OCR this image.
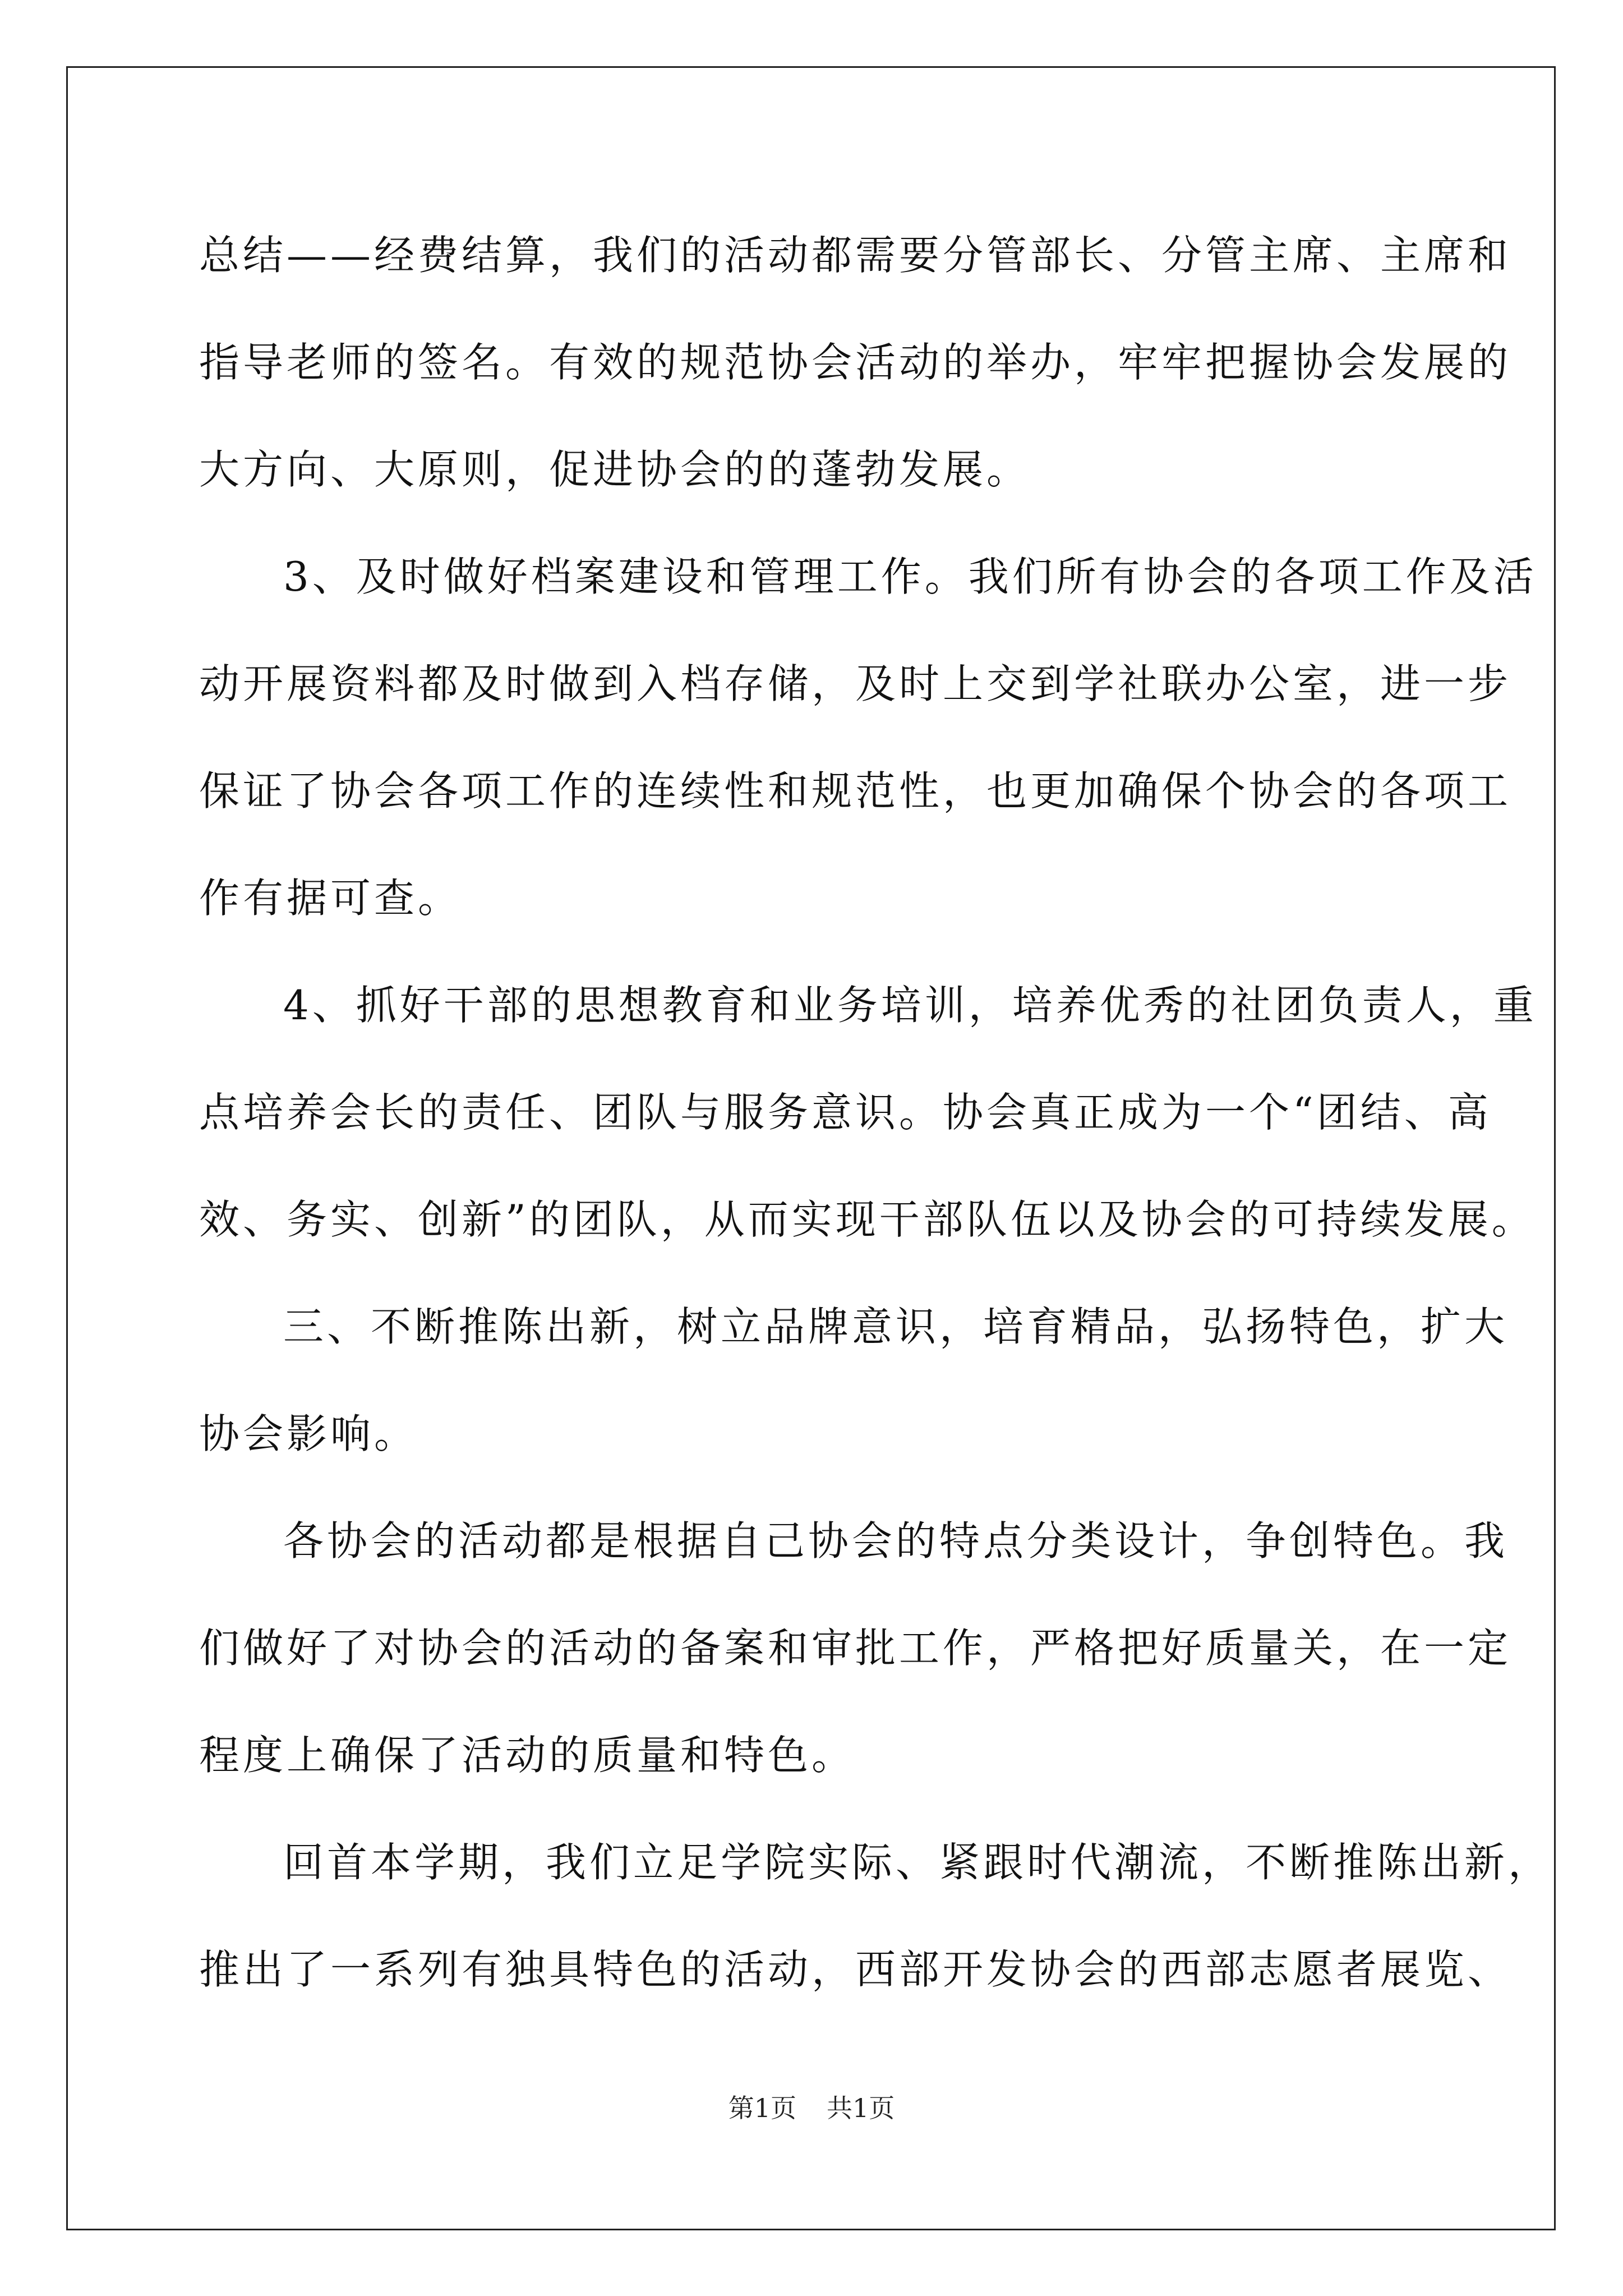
总结——经费结算，我们的活动都需要分管部长、分管主席、主席和
指导老师的签名。有效的规范协会活动的举办，牢牢把握协会发展的
大方向、大原则，促进协会的的蓬勃发展。
3、及时做好档案建设和管理工作。我们所有协会的各项工作及活
动开展资料都及时做到入档存储，及时上交到学社联办公室，进一步
保证了协会各项工作的连续性和规范性，也更加确保个协会的各项工
作有据可查。
4、抓好干部的思想教育和业务培训，培养优秀的社团负责人，重
点培养会长的责任、团队与服务意识。协会真正成为一个“团结、高
效、务实、创新”的团队，从而实现干部队伍以及协会的可持续发展。
三、不断推陈出新，树立品牌意识，培育精品，弘扬特色，扩大
协会影响。
各协会的活动都是根据自己协会的特点分类设计，争创特色。我
们做好了对协会的活动的备案和审批工作，严格把好质量关，在一定
程度上确保了活动的质量和特色。
回首本学期，我们立足学院实际、紧跟时代潮流，不断推陈出新，
推出了一系列有独具特色的活动，西部开发协会的西部志愿者展览、
第1页 共1页
